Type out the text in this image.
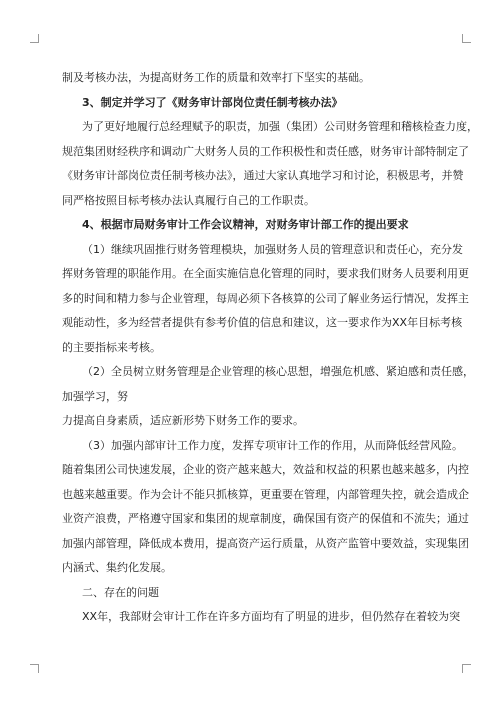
制及考核办法，为提高财务工作的质量和效率打下坚实的基础。
3、制定并学习了《财务审计部岗位责任制考核办法》
为了更好地履行总经理赋予的职责，加强（集团）公司财务管理和稽核检查力度，
规范集团财经秩序和调动广大财务人员的工作积极性和责任感，财务审计部特制定了
《财务审计部岗位责任制考核办法》，通过大家认真地学习和讨论，积极思考，并赞
同严格按照目标考核办法认真履行自己的工作职责。
4、根据市局财务审计工作会议精神，对财务审计部工作的提出要求
（1）继续巩固推行财务管理模块，加强财务人员的管理意识和责任心，充分发
挥财务管理的职能作用。在全面实施信息化管理的同时，要求我们财务人员要利用更
多的时间和精力参与企业管理，每周必须下各核算的公司了解业务运行情况，发挥主
观能动性，多为经营者提供有参考价值的信息和建议，这一要求作为XX年目标考核
的主要指标来考核。
（2）全员树立财务管理是企业管理的核心思想，增强危机感、紧迫感和责任感，
加强学习，努
力提高自身素质，适应新形势下财务工作的要求。
（3）加强内部审计工作力度，发挥专项审计工作的作用，从而降低经营风险。
随着集团公司快速发展，企业的资产越来越大，效益和权益的积累也越来越多，内控
也越来越重要。作为会计不能只抓核算，更重要在管理，内部管理失控，就会造成企
业资产浪费，严格遵守国家和集团的规章制度，确保国有资产的保值和不流失；通过
加强内部管理，降低成本费用，提高资产运行质量，从资产监管中要效益，实现集团
内涵式、集约化发展。
二、存在的问题
XX年，我部财会审计工作在许多方面均有了明显的进步，但仍然存在着较为突
